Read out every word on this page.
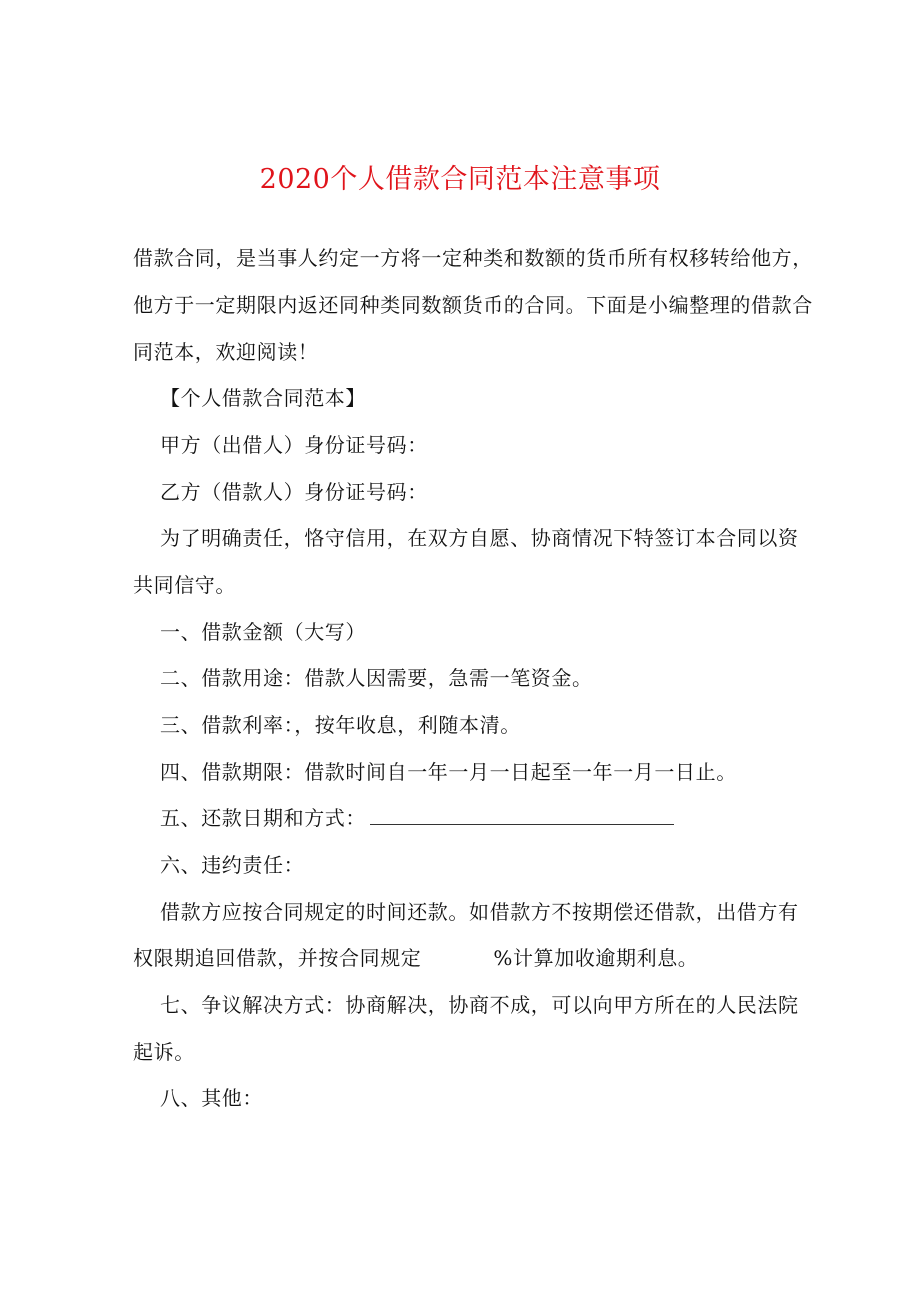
2020个人借款合同范本注意事项
借款合同，是当事人约定一方将一定种类和数额的货币所有权移转给他方，
他方于一定期限内返还同种类同数额货币的合同。下面是小编整理的借款合
同范本，欢迎阅读！
【个人借款合同范本】
甲方（出借人）身份证号码：
乙方（借款人）身份证号码：
为了明确责任，恪守信用，在双方自愿、协商情况下特签订本合同以资
共同信守。
一、借款金额（大写）
二、借款用途：借款人因需要，急需一笔资金。
三、借款利率：，按年收息，利随本清。
四、借款期限：借款时间自一年一月一日起至一年一月一日止。
五、还款日期和方式：
六、违约责任：
借款方应按合同规定的时间还款。如借款方不按期偿还借款，出借方有
权限期追回借款，并按合同规定	%计算加收逾期利息。
七、争议解决方式：协商解决，协商不成，可以向甲方所在的人民法院
起诉。
八、其他：
